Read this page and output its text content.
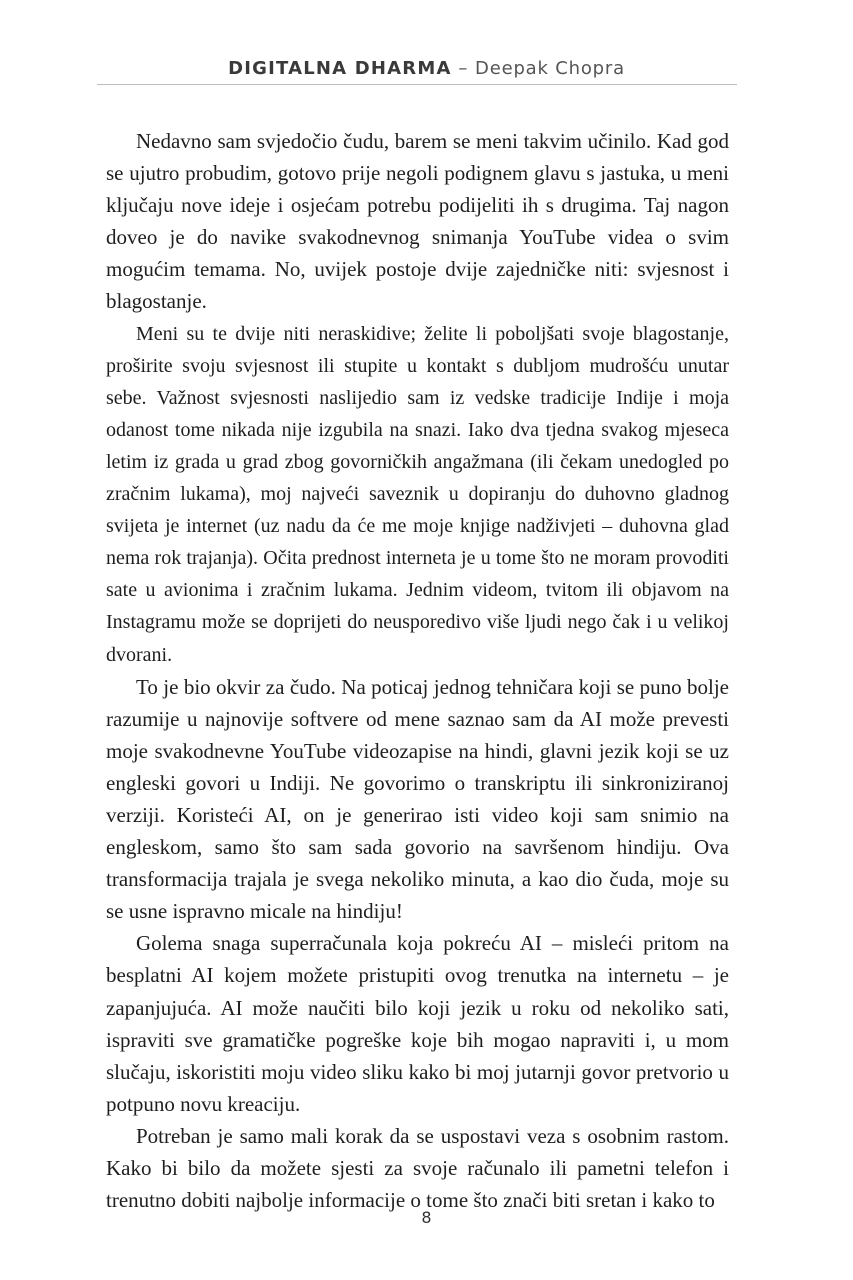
DIGITALNA DHARMA – Deepak Chopra

Nedavno sam svjedočio čudu, barem se meni takvim učinilo. Kad god se ujutro probudim, gotovo prije negoli podignem glavu s jastuka, u meni ključaju nove ideje i osjećam potrebu podijeliti ih s drugima. Taj nagon doveo je do navike svakodnevnog snimanja YouTube videa o svim mogućim temama. No, uvijek postoje dvije zajedničke niti: svjesnost i blagostanje.

Meni su te dvije niti neraskidive; želite li poboljšati svoje blagostanje, proširite svoju svjesnost ili stupite u kontakt s dubljom mudrošću unutar sebe. Važnost svjesnosti naslijedio sam iz vedske tradicije Indije i moja odanost tome nikada nije izgubila na snazi. Iako dva tjedna svakog mjeseca letim iz grada u grad zbog govorničkih angažmana (ili čekam unedogled po zračnim lukama), moj najveći saveznik u dopiranju do duhovno gladnog svijeta je internet (uz nadu da će me moje knjige nadživjeti – duhovna glad nema rok trajanja). Očita prednost interneta je u tome što ne moram provoditi sate u avionima i zračnim lukama. Jednim videom, tvitom ili objavom na Instagramu može se doprijeti do neusporedivo više ljudi nego čak i u velikoj dvorani.

To je bio okvir za čudo. Na poticaj jednog tehničara koji se puno bolje razumije u najnovije softvere od mene saznao sam da AI može prevesti moje svakodnevne YouTube videozapise na hindi, glavni jezik koji se uz engleski govori u Indiji. Ne govorimo o transkriptu ili sinkroniziranoj verziji. Koristeći AI, on je generirao isti video koji sam snimio na engleskom, samo što sam sada govorio na savršenom hindiju. Ova transformacija trajala je svega nekoliko minuta, a kao dio čuda, moje su se usne ispravno micale na hindiju!

Golema snaga superračunala koja pokreću AI – misleći pritom na besplatni AI kojem možete pristupiti ovog trenutka na internetu – je zapanjujuća. AI može naučiti bilo koji jezik u roku od nekoliko sati, ispraviti sve gramatičke pogreške koje bih mogao napraviti i, u mom slučaju, iskoristiti moju video sliku kako bi moj jutarnji govor pretvorio u potpuno novu kreaciju.

Potreban je samo mali korak da se uspostavi veza s osobnim rastom. Kako bi bilo da možete sjesti za svoje računalo ili pametni telefon i trenutno dobiti najbolje informacije o tome što znači biti sretan i kako to

8
